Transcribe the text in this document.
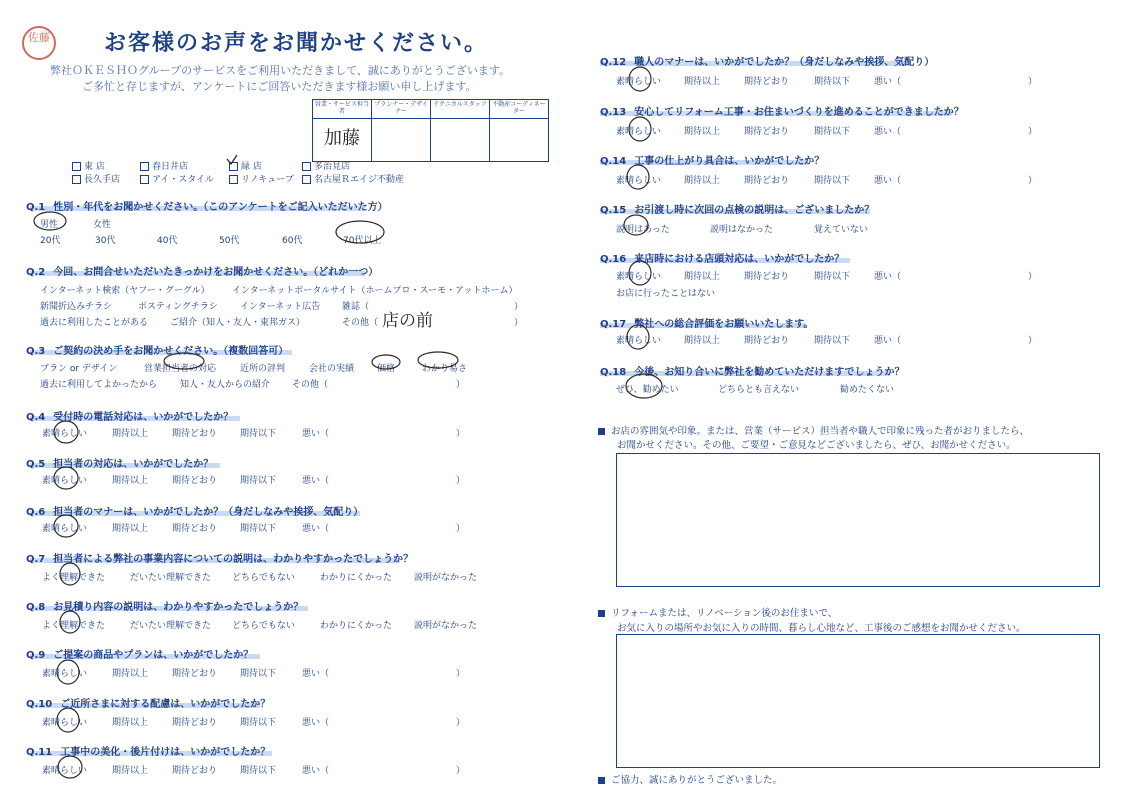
佐藤 お客様のお声をお聞かせください。
弊社ＯＫＥＳＨＯグループのサービスをご利用いただきまして、誠にありがとうございます。
ご多忙と存じますが、アンケートにご回答いただきます様お願い申し上げます。
営業・サービス担当者	プランナー・デザイナー	テクニカルスタッフ	不動産コーディネーター
加藤			
東 店	春日井店	緑 店	多治見店
長久手店	アイ・スタイル	リノキューブ	名古屋Ｒエイジ不動産
Q.1 性別・年代をお聞かせください。（このアンケートをご記入いただいた方）
男性	女性
20代	30代	40代	50代	60代	70代以上
Q.2 今回、お問合せいただいたきっかけをお聞かせください。（どれか一つ）
インターネット検索（ヤフー・グーグル） インターネットポータルサイト（ホームプロ・スーモ・アットホーム）
新聞折込みチラシ	ポスティングチラシ インターネット広告 雑誌（	）
過去に利用したことがある ご紹介（知人・友人・東邦ガス）	その他（	）
店の前
Q.3 ご契約の決め手をお聞かせください。（複数回答可）
プラン or デザイン	営業担当者の対応	近所の評判	会社の実績	価格	わかり易さ
過去に利用してよかったから	知人・友人からの紹介 その他（	）
Q.4 受付時の電話対応は、いかがでしたか？
素晴らしい	期待以上	期待どおり	期待以下	悪い（	）
Q.5 担当者の対応は、いかがでしたか？
素晴らしい	期待以上	期待どおり	期待以下	悪い（	）
Q.6 担当者のマナーは、いかがでしたか？（身だしなみや挨拶、気配り）
素晴らしい	期待以上	期待どおり	期待以下	悪い（	）
Q.7 担当者による弊社の事業内容についての説明は、わかりやすかったでしょうか？
よく理解できた	だいたい理解できた どちらでもない	わかりにくかった 説明がなかった
Q.8 お見積り内容の説明は、わかりやすかったでしょうか？
よく理解できた	だいたい理解できた どちらでもない	わかりにくかった 説明がなかった
Q.9 ご提案の商品やプランは、いかがでしたか？
素晴らしい	期待以上	期待どおり	期待以下	悪い（	）
Q.10 ご近所さまに対する配慮は、いかがでしたか？
素晴らしい	期待以上	期待どおり	期待以下	悪い（	）
Q.11 工事中の美化・後片付けは、いかがでしたか？
素晴らしい	期待以上	期待どおり	期待以下	悪い（	）
Q.12 職人のマナーは、いかがでしたか？（身だしなみや挨拶、気配り）
素晴らしい	期待以上	期待どおり	期待以下	悪い（	）
Q.13 安心してリフォーム工事・お住まいづくりを進めることができましたか？
素晴らしい	期待以上	期待どおり	期待以下	悪い（	）
Q.14 工事の仕上がり具合は、いかがでしたか？
素晴らしい	期待以上	期待どおり	期待以下	悪い（	）
Q.15 お引渡し時に次回の点検の説明は、ございましたか？
説明はあった	説明はなかった	覚えていない
Q.16 来店時における店頭対応は、いかがでしたか？
素晴らしい	期待以上	期待どおり	期待以下	悪い（	）
お店に行ったことはない
Q.17 弊社への総合評価をお願いいたします。
素晴らしい	期待以上	期待どおり	期待以下	悪い（	）
Q.18 今後、お知り合いに弊社を勧めていただけますでしょうか？
ぜひ、勧めたい	どちらとも言えない	勧めたくない
お店の雰囲気や印象。または、営業（サービス）担当者や職人で印象に残った者がおりましたら、
お聞かせください。その他、ご要望・ご意見などございましたら、ぜひ、お聞かせください。
リフォームまたは、リノベーション後のお住まいで、
お気に入りの場所やお気に入りの時間、暮らし心地など、工事後のご感想をお聞かせください。
ご協力、誠にありがとうございました。
